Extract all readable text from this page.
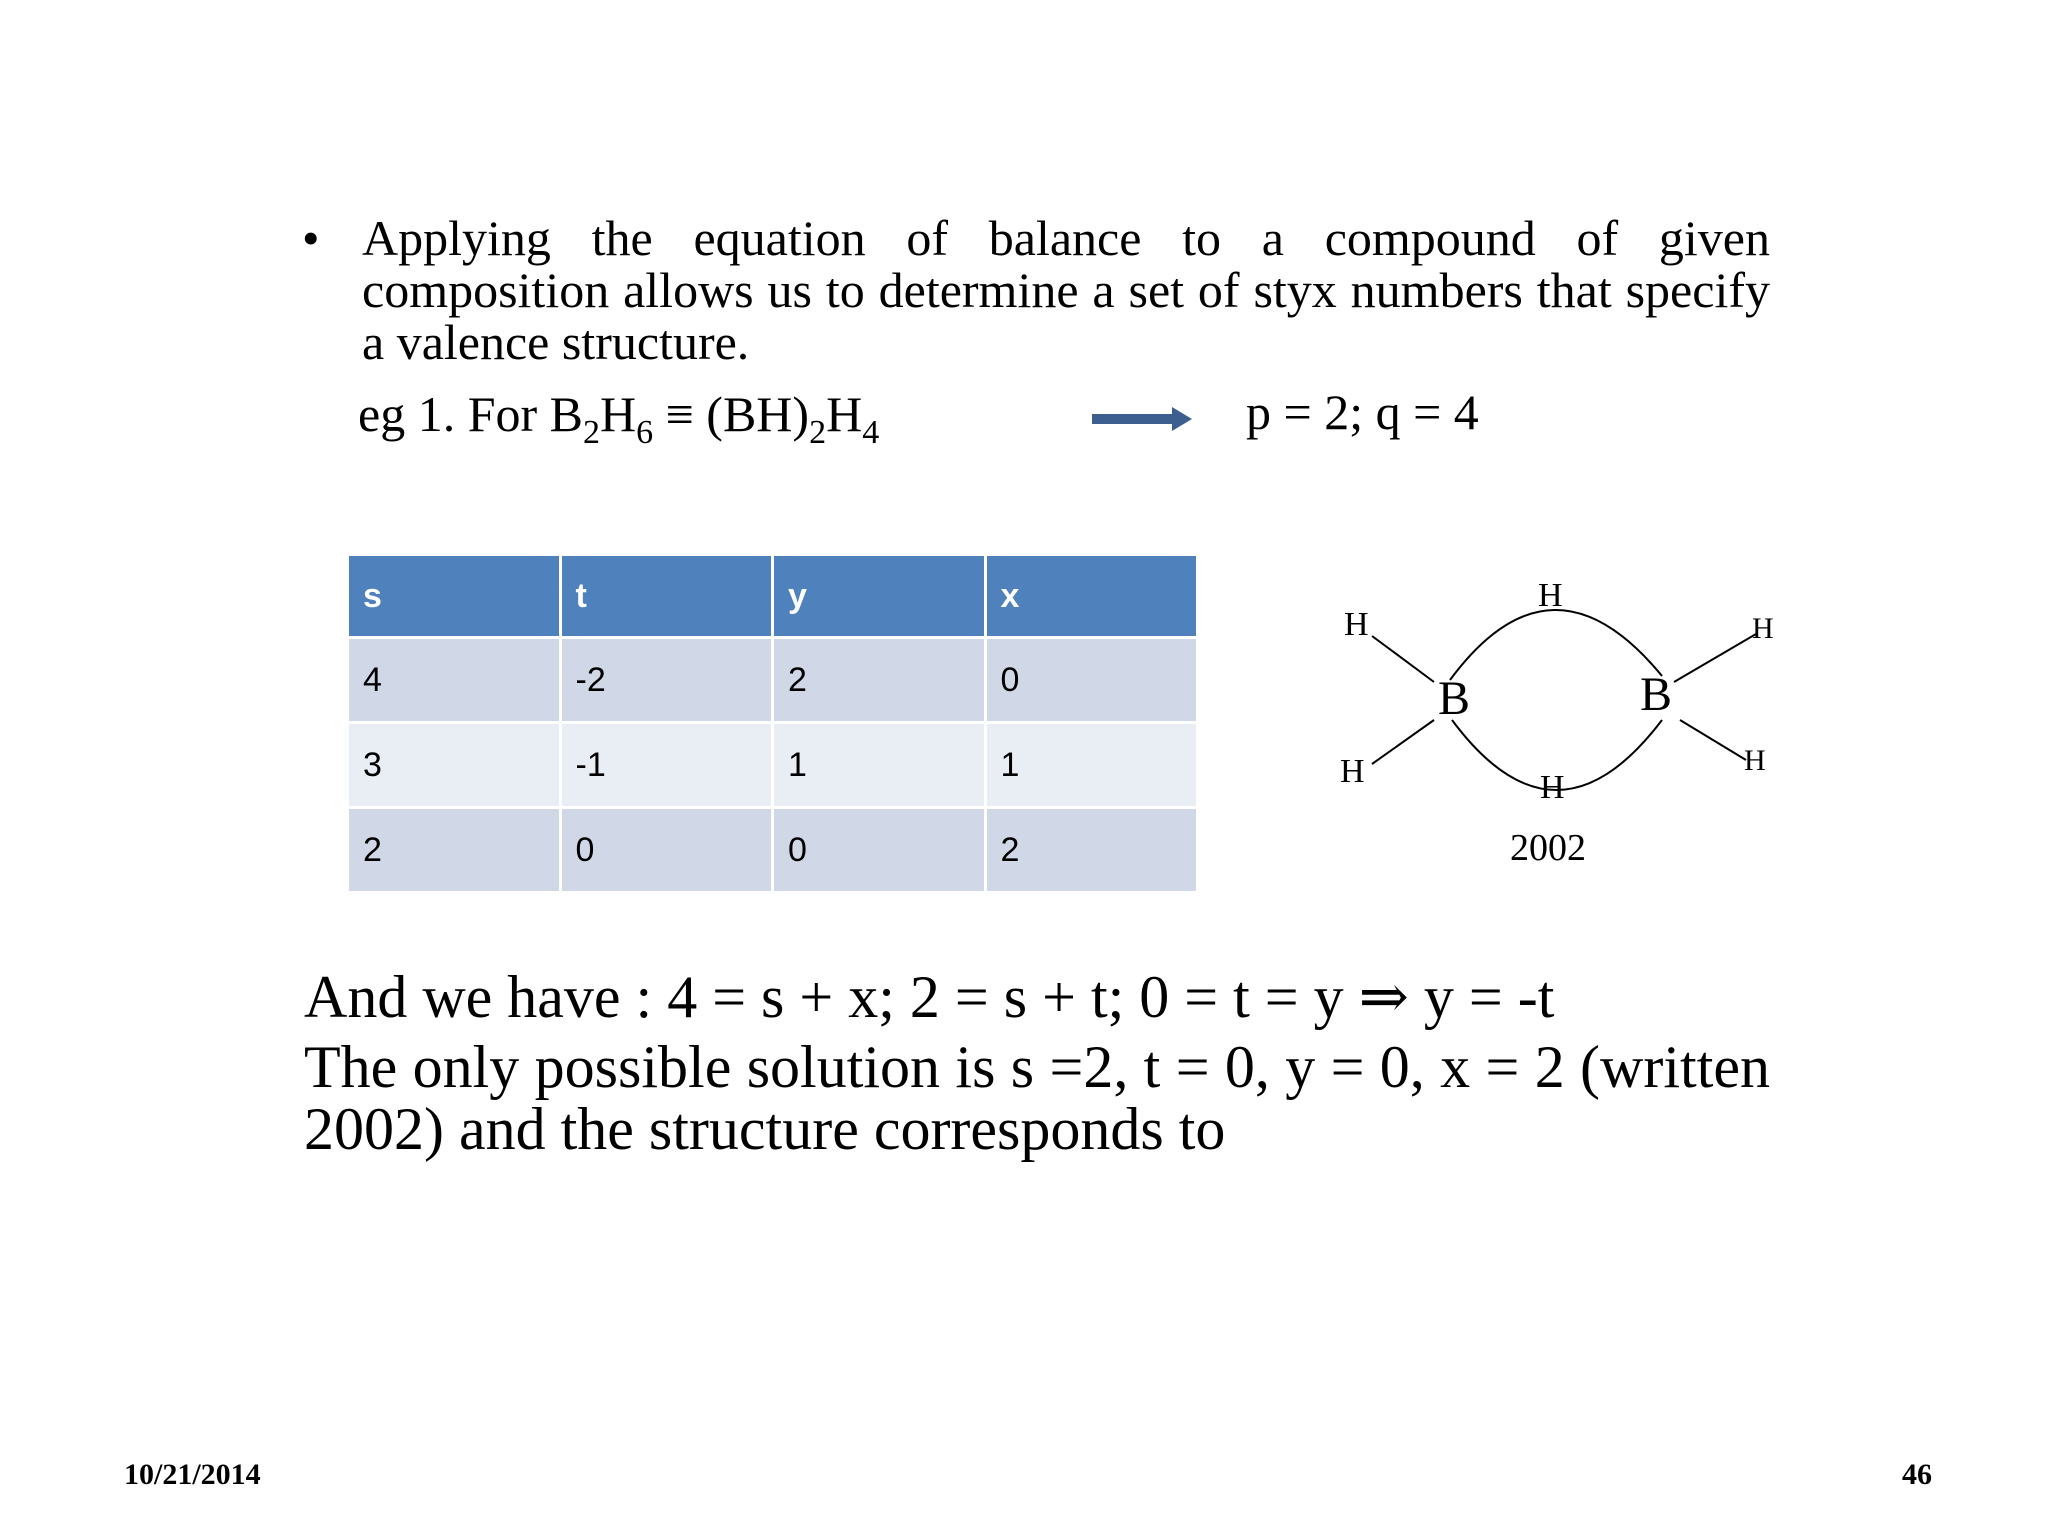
• Applying the equation of balance to a compound of given composition allows us to determine a set of styx numbers that specify a valence structure.
eg 1. For $B_2H_6 \equiv (BH)_2H_4$	p = 2; q = 4
s	t	y	x
4	-2	2	0
3	-1	1	1
2	0	0	2
H
H
H
H
H
H
B	B
2002
And we have : 4 = s + x; 2 = s + t; 0 = t = y ⇒ y = -t
The only possible solution is s =2, t = 0, y = 0, x = 2 (written 2002) and the structure corresponds to
10/21/2014	46
